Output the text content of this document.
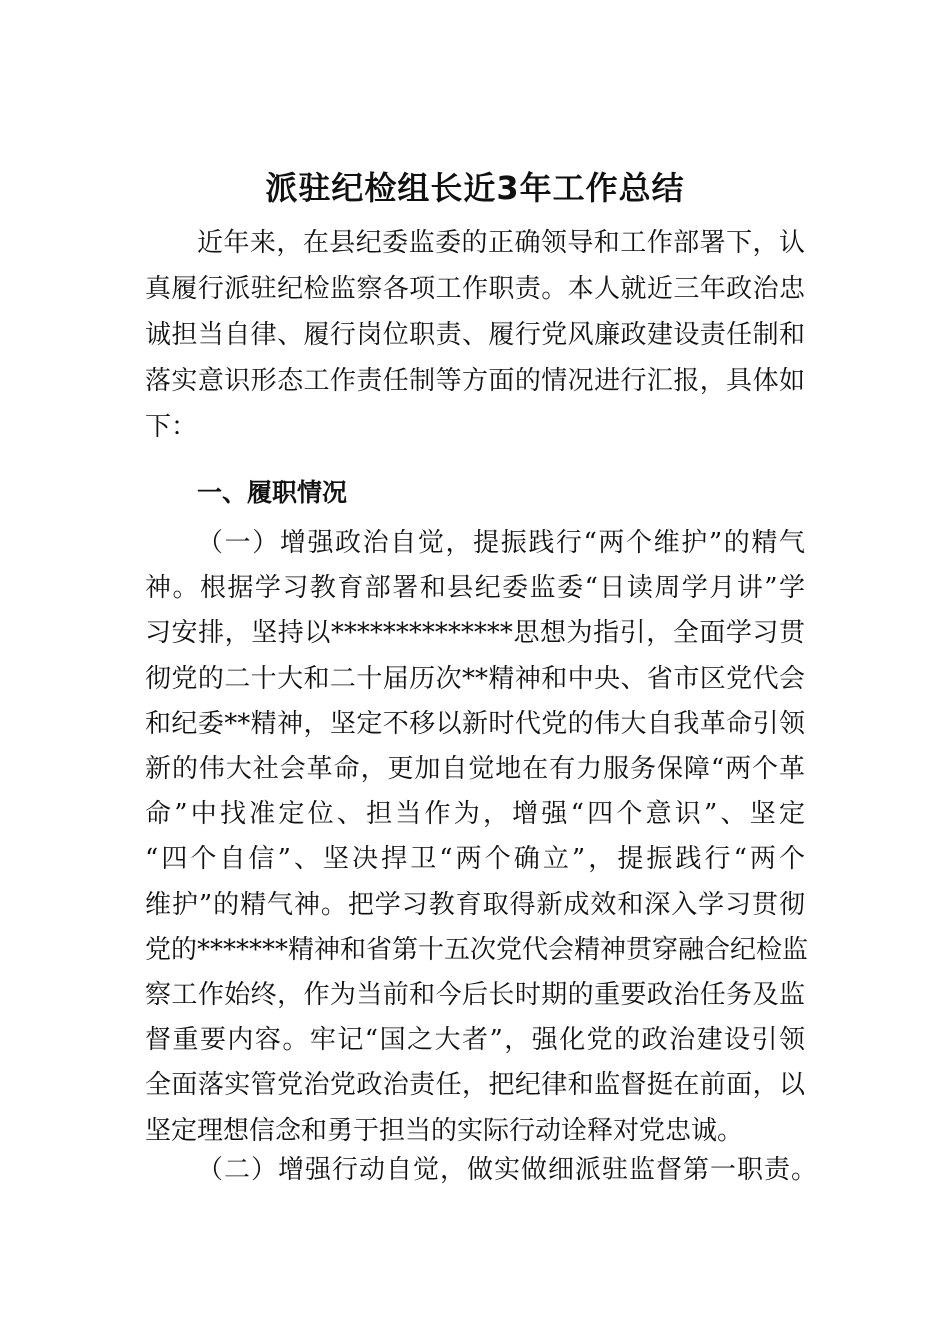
派驻纪检组长近3年工作总结
近年来，在县纪委监委的正确领导和工作部署下，认
真履行派驻纪检监察各项工作职责。本人就近三年政治忠
诚担当自律、履行岗位职责、履行党风廉政建设责任制和
落实意识形态工作责任制等方面的情况进行汇报，具体如
下：
一、履职情况
（一）增强政治自觉，提振践行“两个维护”的精气
神。根据学习教育部署和县纪委监委“日读周学月讲”学
习安排，坚持以**************思想为指引，全面学习贯
彻党的二十大和二十届历次**精神和中央、省市区党代会
和纪委**精神，坚定不移以新时代党的伟大自我革命引领
新的伟大社会革命，更加自觉地在有力服务保障“两个革
命”中找准定位、担当作为，增强“四个意识”、坚定
“四个自信”、坚决捍卫“两个确立”，提振践行“两个
维护”的精气神。把学习教育取得新成效和深入学习贯彻
党的*******精神和省第十五次党代会精神贯穿融合纪检监
察工作始终，作为当前和今后长时期的重要政治任务及监
督重要内容。牢记“国之大者”，强化党的政治建设引领
全面落实管党治党政治责任，把纪律和监督挺在前面，以
坚定理想信念和勇于担当的实际行动诠释对党忠诚。
（二）增强行动自觉，做实做细派驻监督第一职责。
